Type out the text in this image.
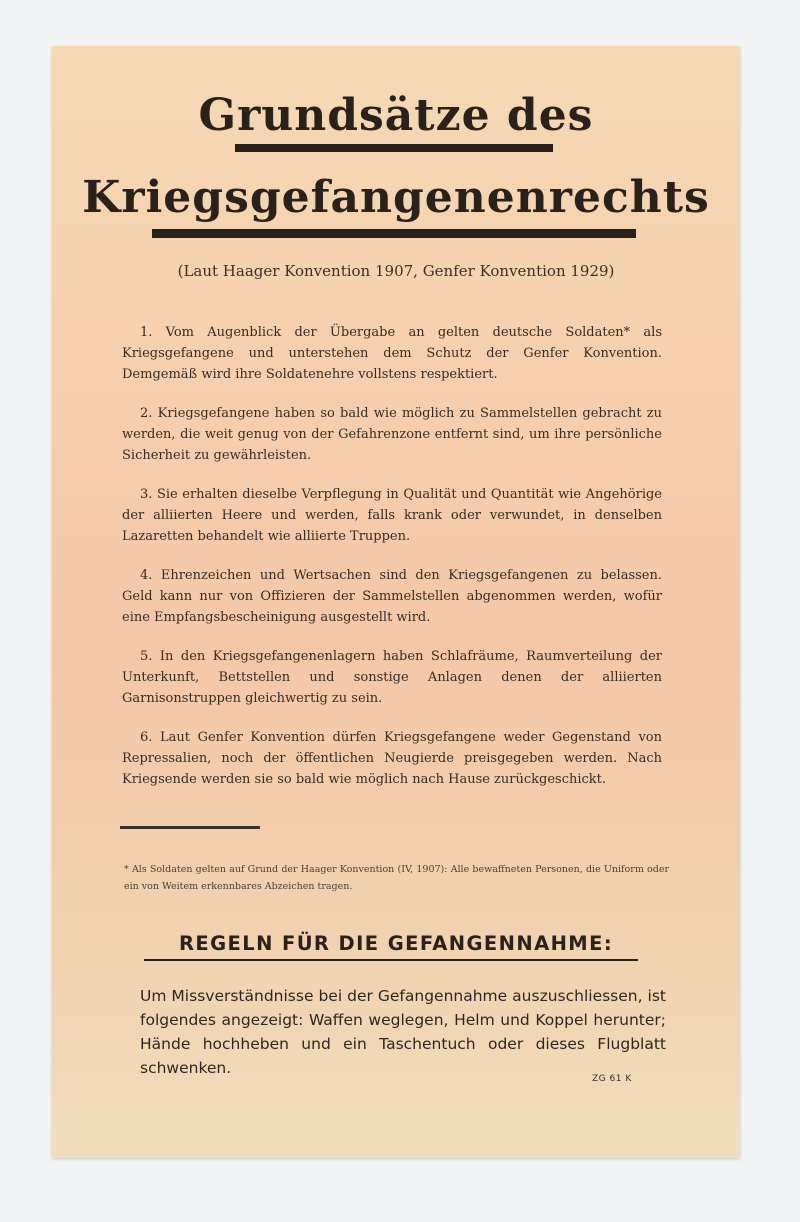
Grundsätze des
Kriegsgefangenenrechts
(Laut Haager Konvention 1907, Genfer Konvention 1929)

1. Vom Augenblick der Übergabe an gelten deutsche Soldaten* als Kriegsgefangene und unterstehen dem Schutz der Genfer Konvention. Demgemäß wird ihre Soldatenehre vollstens respektiert.

2. Kriegsgefangene haben so bald wie möglich zu Sammelstellen gebracht zu werden, die weit genug von der Gefahrenzone entfernt sind, um ihre persönliche Sicherheit zu gewährleisten.

3. Sie erhalten dieselbe Verpflegung in Qualität und Quantität wie Angehörige der alliierten Heere und werden, falls krank oder verwundet, in denselben Lazaretten behandelt wie alliierte Truppen.

4. Ehrenzeichen und Wertsachen sind den Kriegsgefangenen zu belassen. Geld kann nur von Offizieren der Sammelstellen abgenommen werden, wofür eine Empfangsbescheinigung ausgestellt wird.

5. In den Kriegsgefangenenlagern haben Schlafräume, Raumverteilung der Unterkunft, Bettstellen und sonstige Anlagen denen der alliierten Garnisonstruppen gleichwertig zu sein.

6. Laut Genfer Konvention dürfen Kriegsgefangene weder Gegenstand von Repressalien, noch der öffentlichen Neugierde preisgegeben werden. Nach Kriegsende werden sie so bald wie möglich nach Hause zurückgeschickt.

* Als Soldaten gelten auf Grund der Haager Konvention (IV, 1907): Alle bewaffneten Personen, die Uniform oder ein von Weitem erkennbares Abzeichen tragen.
REGELN FÜR DIE GEFANGENNAHME:
Um Missverständnisse bei der Gefangennahme auszuschliessen, ist folgendes angezeigt: Waffen weglegen, Helm und Koppel herunter; Hände hochheben und ein Taschentuch oder dieses Flugblatt schwenken.
ZG 61 K
